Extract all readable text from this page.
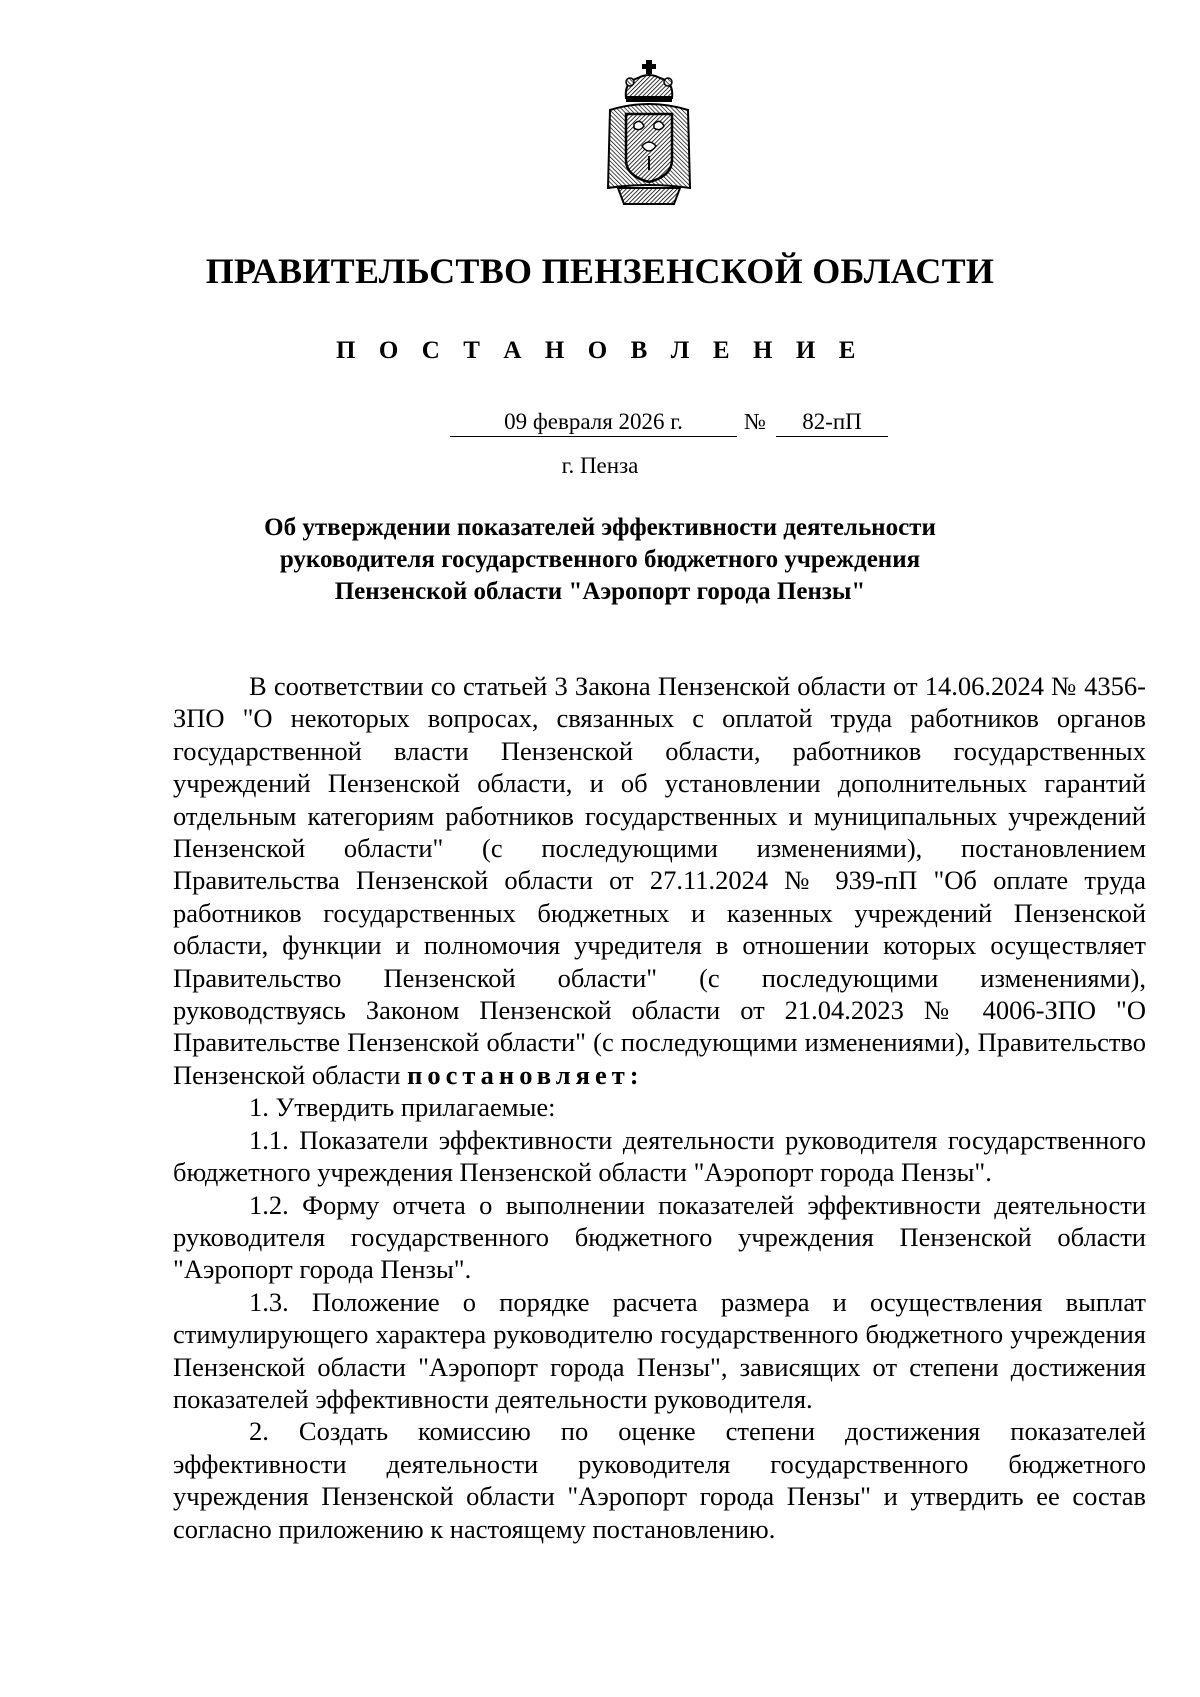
ПРАВИТЕЛЬСТВО ПЕНЗЕНСКОЙ ОБЛАСТИ
П О С Т А Н О В Л Е Н И Е
09 февраля 2026 г.	№	82-пП
г. Пенза
Об утверждении показателей эффективности деятельности
руководителя государственного бюджетного учреждения
Пензенской области "Аэропорт города Пензы"

В соответствии со статьей 3 Закона Пензенской области от 14.06.2024 № 4356-ЗПО "О некоторых вопросах, связанных с оплатой труда работников органов государственной власти Пензенской области, работников государственных учреждений Пензенской области, и об установлении дополнительных гарантий отдельным категориям работников государственных и муниципальных учреждений Пензенской области" (с последующими изменениями), постановлением Правительства Пензенской области от 27.11.2024 № 939-пП "Об оплате труда работников государственных бюджетных и казенных учреждений Пензенской области, функции и полномочия учредителя в отношении которых осуществляет Правительство Пензенской области" (с последующими изменениями), руководствуясь Законом Пензенской области от 21.04.2023 № 4006-ЗПО "О Правительстве Пензенской области" (с последующими изменениями), Правительство Пензенской области постановляет:

1. Утвердить прилагаемые:

1.1. Показатели эффективности деятельности руководителя государственного бюджетного учреждения Пензенской области "Аэропорт города Пензы".

1.2. Форму отчета о выполнении показателей эффективности деятельности руководителя государственного бюджетного учреждения Пензенской области "Аэропорт города Пензы".

1.3. Положение о порядке расчета размера и осуществления выплат стимулирующего характера руководителю государственного бюджетного учреждения Пензенской области "Аэропорт города Пензы", зависящих от степени достижения показателей эффективности деятельности руководителя.

2. Создать комиссию по оценке степени достижения показателей эффективности деятельности руководителя государственного бюджетного учреждения Пензенской области "Аэропорт города Пензы" и утвердить ее состав согласно приложению к настоящему постановлению.
